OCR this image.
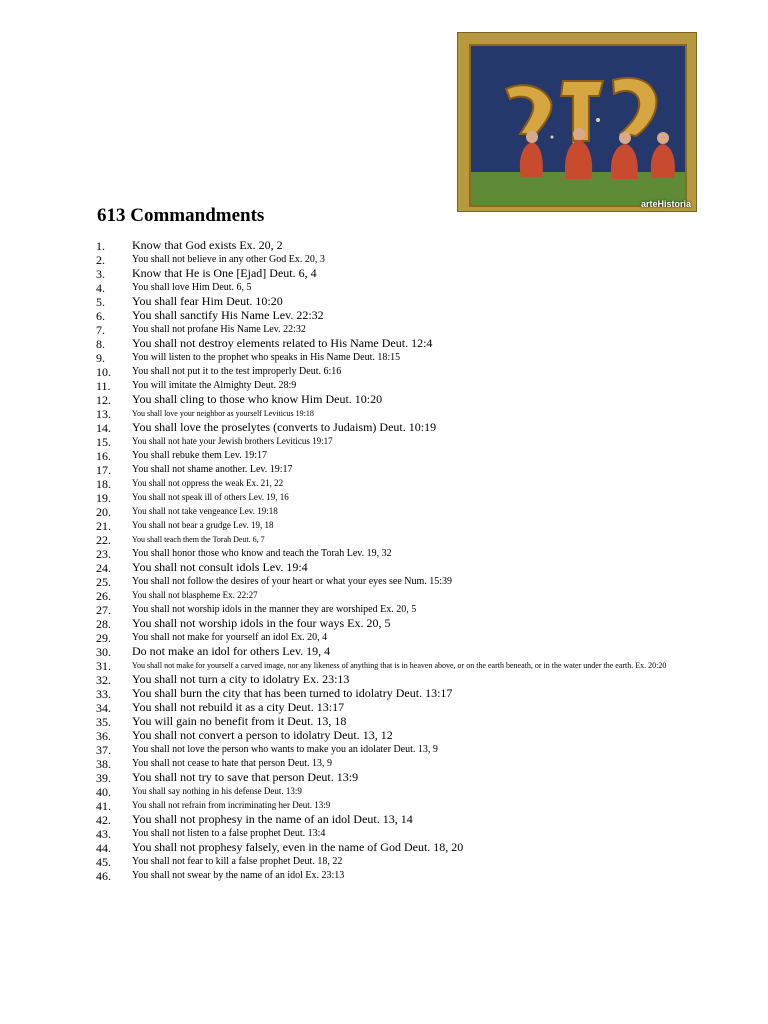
arteHistoria
613 Commandments
1. Know that God exists Ex. 20, 2
2.	You shall not believe in any other God Ex. 20, 3
3. Know that He is One [Ejad] Deut. 6, 4
4.	You shall love Him Deut. 6, 5
5. You shall fear Him Deut. 10:20
6. You shall sanctify His Name Lev. 22:32
7.	You shall not profane His Name Lev. 22:32
8. You shall not destroy elements related to His Name Deut. 12:4
9.	You will listen to the prophet who speaks in His Name Deut. 18:15
10. You shall not put it to the test improperly Deut. 6:16
11. You will imitate the Almighty Deut. 28:9
12. You shall cling to those who know Him Deut. 10:20
13.	You shall love your neighbor as yourself Leviticus 19:18
14. You shall love the proselytes (converts to Judaism) Deut. 10:19
15. You shall not hate your Jewish brothers Leviticus 19:17
16. You shall rebuke them Lev. 19:17
17. You shall not shame another. Lev. 19:17
18. You shall not oppress the weak Ex. 21, 22
19. You shall not speak ill of others Lev. 19, 16
20. You shall not take vengeance Lev. 19:18
21. You shall not bear a grudge Lev. 19, 18
22.	You shall teach them the Torah Deut. 6, 7
23. You shall honor those who know and teach the Torah Lev. 19, 32
24. You shall not consult idols Lev. 19:4
25. You shall not follow the desires of your heart or what your eyes see Num. 15:39
26. You shall not blaspheme Ex. 22:27
27. You shall not worship idols in the manner they are worshiped Ex. 20, 5
28. You shall not worship idols in the four ways Ex. 20, 5
29. You shall not make for yourself an idol Ex. 20, 4
30. Do not make an idol for others Lev. 19, 4
31.	You shall not make for yourself a carved image, nor any likeness of anything that is in heaven above, or on the earth beneath, or in the water under the earth. Ex. 20:20
32. You shall not turn a city to idolatry Ex. 23:13
33. You shall burn the city that has been turned to idolatry Deut. 13:17
34. You shall not rebuild it as a city Deut. 13:17
35. You will gain no benefit from it Deut. 13, 18
36. You shall not convert a person to idolatry Deut. 13, 12
37. You shall not love the person who wants to make you an idolater Deut. 13, 9
38. You shall not cease to hate that person Deut. 13, 9
39. You shall not try to save that person Deut. 13:9
40. You shall say nothing in his defense Deut. 13:9
41. You shall not refrain from incriminating her Deut. 13:9
42. You shall not prophesy in the name of an idol Deut. 13, 14
43. You shall not listen to a false prophet Deut. 13:4
44. You shall not prophesy falsely, even in the name of God Deut. 18, 20
45. You shall not fear to kill a false prophet Deut. 18, 22
46. You shall not swear by the name of an idol Ex. 23:13
